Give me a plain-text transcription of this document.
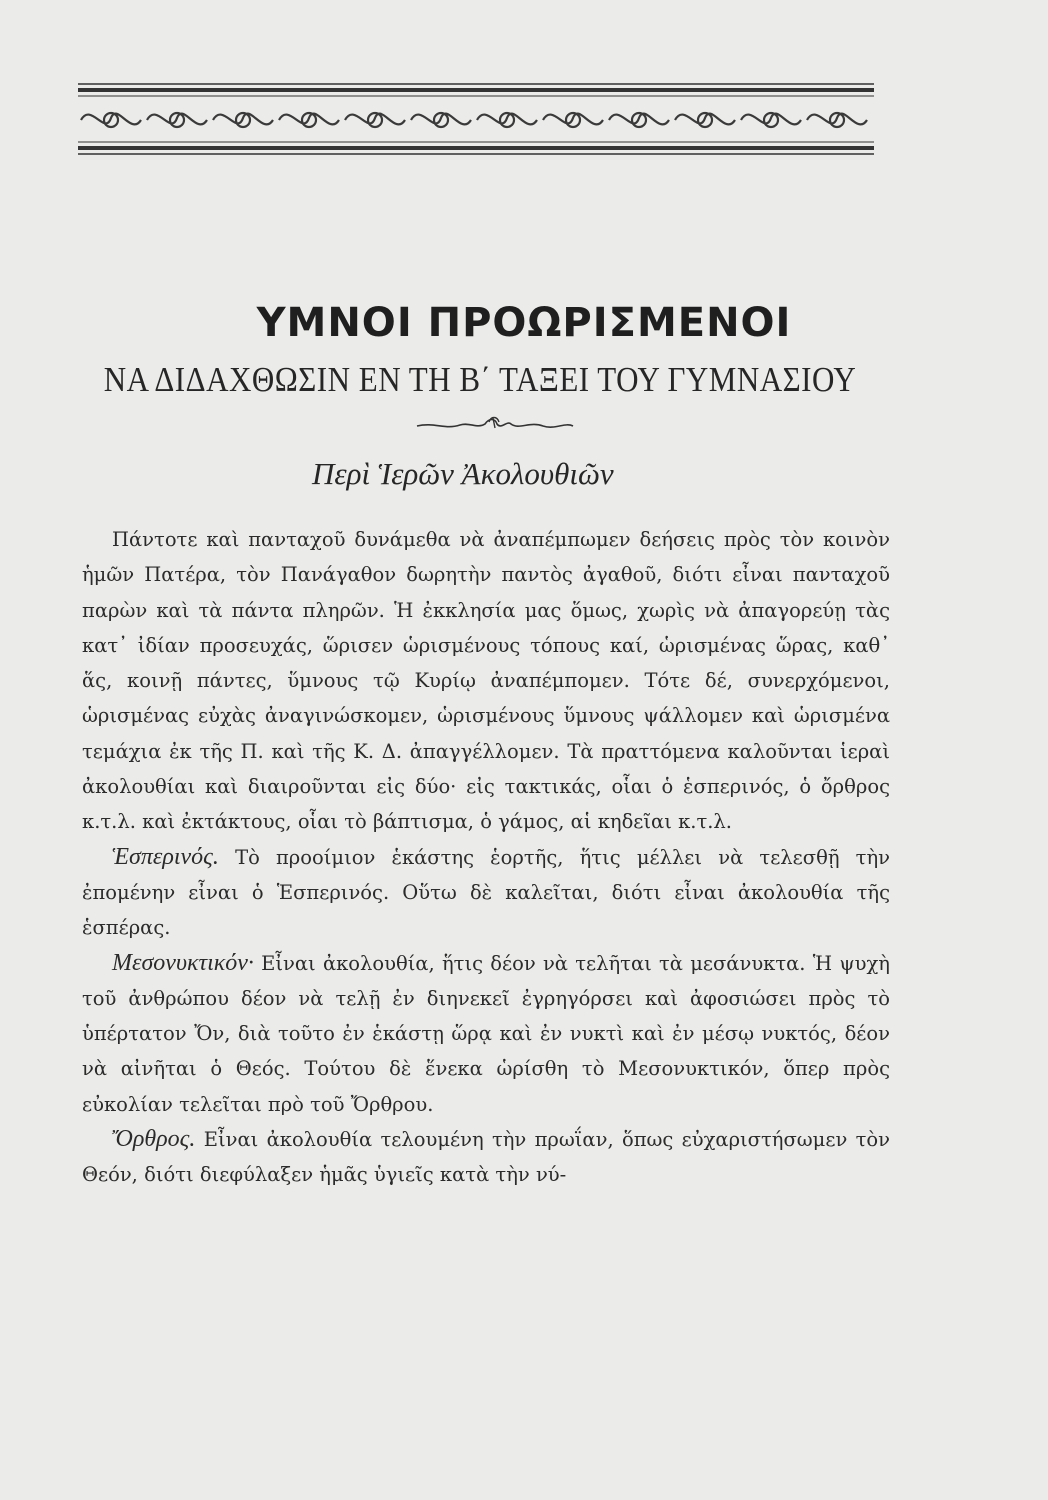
ΥΜΝΟΙ ΠΡΟΩΡΙΣΜΕΝΟΙ
ΝΑ ΔΙΔΑΧΘΩΣΙΝ ΕΝ ΤΗ Β΄ ΤΑΞΕΙ ΤΟΥ ΓΥΜΝΑΣΙΟΥ
Περὶ Ἱερῶν Ἀκολουθιῶν

Πάντοτε καὶ πανταχοῦ δυνάμεθα νὰ ἀναπέμπωμεν δεήσεις πρὸς τὸν κοινὸν ἡμῶν Πατέρα, τὸν Πανάγαθον δωρητὴν παντὸς ἀγαθοῦ, διότι εἶναι πανταχοῦ παρὼν καὶ τὰ πάντα πληρῶν. Ἡ ἐκκλησία μας ὅμως, χωρὶς νὰ ἀπαγορεύῃ τὰς κατ᾽ ἰδίαν προσευχάς, ὥρισεν ὡρισμένους τόπους καί, ὡρισμένας ὥρας, καθ᾽ ἅς, κοινῇ πάντες, ὕμνους τῷ Κυρίῳ ἀναπέμπομεν. Τότε δέ, συνερχόμενοι, ὡρισμένας εὐχὰς ἀναγινώσκομεν, ὡρισμένους ὕμνους ψάλλομεν καὶ ὡρισμένα τεμάχια ἐκ τῆς Π. καὶ τῆς Κ. Δ. ἀπαγγέλλομεν. Τὰ πραττόμενα καλοῦνται ἱεραὶ ἀκολουθίαι καὶ διαιροῦνται εἰς δύο· εἰς τακτικάς, οἷαι ὁ ἑσπερινός, ὁ ὄρθρος κ.τ.λ. καὶ ἐκτάκτους, οἷαι τὸ βάπτισμα, ὁ γάμος, αἱ κηδεῖαι κ.τ.λ.

Ἑσπερινός. Τὸ προοίμιον ἑκάστης ἑορτῆς, ἥτις μέλλει νὰ τελεσθῇ τὴν ἐπομένην εἶναι ὁ Ἑσπερινός. Οὕτω δὲ καλεῖται, διότι εἶναι ἀκολουθία τῆς ἑσπέρας.

Μεσονυκτικόν· Εἶναι ἀκολουθία, ἥτις δέον νὰ τελῆται τὰ μεσάνυκτα. Ἡ ψυχὴ τοῦ ἀνθρώπου δέον νὰ τελῇ ἐν διηνεκεῖ ἐγρηγόρσει καὶ ἀφοσιώσει πρὸς τὸ ὑπέρτατον Ὄν, διὰ τοῦτο ἐν ἑκάστῃ ὥρᾳ καὶ ἐν νυκτὶ καὶ ἐν μέσῳ νυκτός, δέον νὰ αἰνῆται ὁ Θεός. Τούτου δὲ ἕνεκα ὡρίσθη τὸ Μεσονυκτικόν, ὅπερ πρὸς εὐκολίαν τελεῖται πρὸ τοῦ Ὄρθρου.

Ὄρθρος. Εἶναι ἀκολουθία τελουμένη τὴν πρωΐαν, ὅπως εὐχαριστήσωμεν τὸν Θεόν, διότι διεφύλαξεν ἡμᾶς ὑγιεῖς κατὰ τὴν νύ-
